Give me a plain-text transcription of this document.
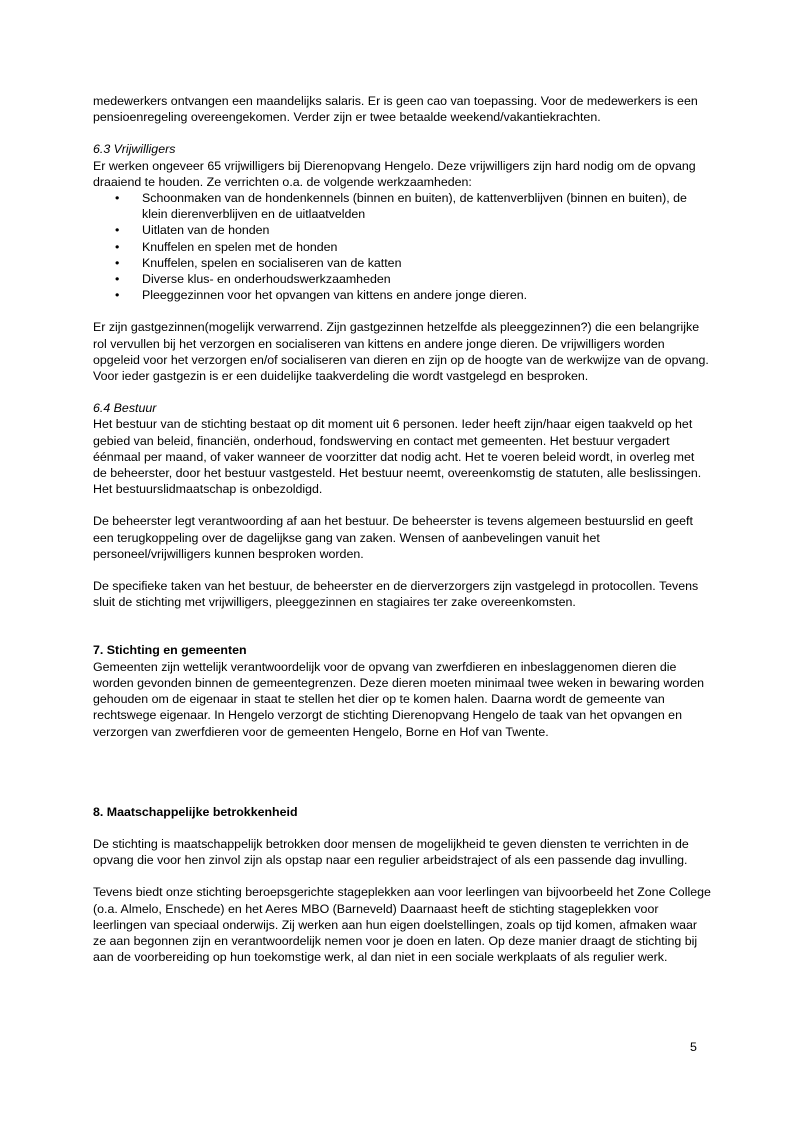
medewerkers ontvangen een maandelijks salaris. Er is geen cao van toepassing. Voor de medewerkers is een pensioenregeling overeengekomen. Verder zijn er twee betaalde weekend/vakantiekrachten.

6.3 Vrijwilligers

Er werken ongeveer 65 vrijwilligers bij Dierenopvang Hengelo. Deze vrijwilligers zijn hard nodig om de opvang draaiend te houden. Ze verrichten o.a. de volgende werkzaamheden:

• Schoonmaken van de hondenkennels (binnen en buiten), de kattenverblijven (binnen en buiten), de klein dierenverblijven en de uitlaatvelden
• Uitlaten van de honden
• Knuffelen en spelen met de honden
• Knuffelen, spelen en socialiseren van de katten
• Diverse klus- en onderhoudswerkzaamheden
• Pleeggezinnen voor het opvangen van kittens en andere jonge dieren.

Er zijn gastgezinnen(mogelijk verwarrend. Zijn gastgezinnen hetzelfde als pleeggezinnen?) die een belangrijke rol vervullen bij het verzorgen en socialiseren van kittens en andere jonge dieren. De vrijwilligers worden opgeleid voor het verzorgen en/of socialiseren van dieren en zijn op de hoogte van de werkwijze van de opvang. Voor ieder gastgezin is er een duidelijke taakverdeling die wordt vastgelegd en besproken.

6.4 Bestuur

Het bestuur van de stichting bestaat op dit moment uit 6 personen. Ieder heeft zijn/haar eigen taakveld op het gebied van beleid, financiën, onderhoud, fondswerving en contact met gemeenten. Het bestuur vergadert éénmaal per maand, of vaker wanneer de voorzitter dat nodig acht. Het te voeren beleid wordt, in overleg met de beheerster, door het bestuur vastgesteld. Het bestuur neemt, overeenkomstig de statuten, alle beslissingen. Het bestuurslidmaatschap is onbezoldigd.

De beheerster legt verantwoording af aan het bestuur. De beheerster is tevens algemeen bestuurslid en geeft een terugkoppeling over de dagelijkse gang van zaken. Wensen of aanbevelingen vanuit het personeel/vrijwilligers kunnen besproken worden.

De specifieke taken van het bestuur, de beheerster en de dierverzorgers zijn vastgelegd in protocollen. Tevens sluit de stichting met vrijwilligers, pleeggezinnen en stagiaires ter zake overeenkomsten.

7. Stichting en gemeenten

Gemeenten zijn wettelijk verantwoordelijk voor de opvang van zwerfdieren en inbeslaggenomen dieren die worden gevonden binnen de gemeentegrenzen. Deze dieren moeten minimaal twee weken in bewaring worden gehouden om de eigenaar in staat te stellen het dier op te komen halen. Daarna wordt de gemeente van rechtswege eigenaar. In Hengelo verzorgt de stichting Dierenopvang Hengelo de taak van het opvangen en verzorgen van zwerfdieren voor de gemeenten Hengelo, Borne en Hof van Twente.

8. Maatschappelijke betrokkenheid

De stichting is maatschappelijk betrokken door mensen de mogelijkheid te geven diensten te verrichten in de opvang die voor hen zinvol zijn als opstap naar een regulier arbeidstraject of als een passende dag invulling.

Tevens biedt onze stichting beroepsgerichte stageplekken aan voor leerlingen van bijvoorbeeld het Zone College (o.a. Almelo, Enschede) en het Aeres MBO (Barneveld) Daarnaast heeft de stichting stageplekken voor leerlingen van speciaal onderwijs. Zij werken aan hun eigen doelstellingen, zoals op tijd komen, afmaken waar ze aan begonnen zijn en verantwoordelijk nemen voor je doen en laten. Op deze manier draagt de stichting bij aan de voorbereiding op hun toekomstige werk, al dan niet in een sociale werkplaats of als regulier werk.

5
